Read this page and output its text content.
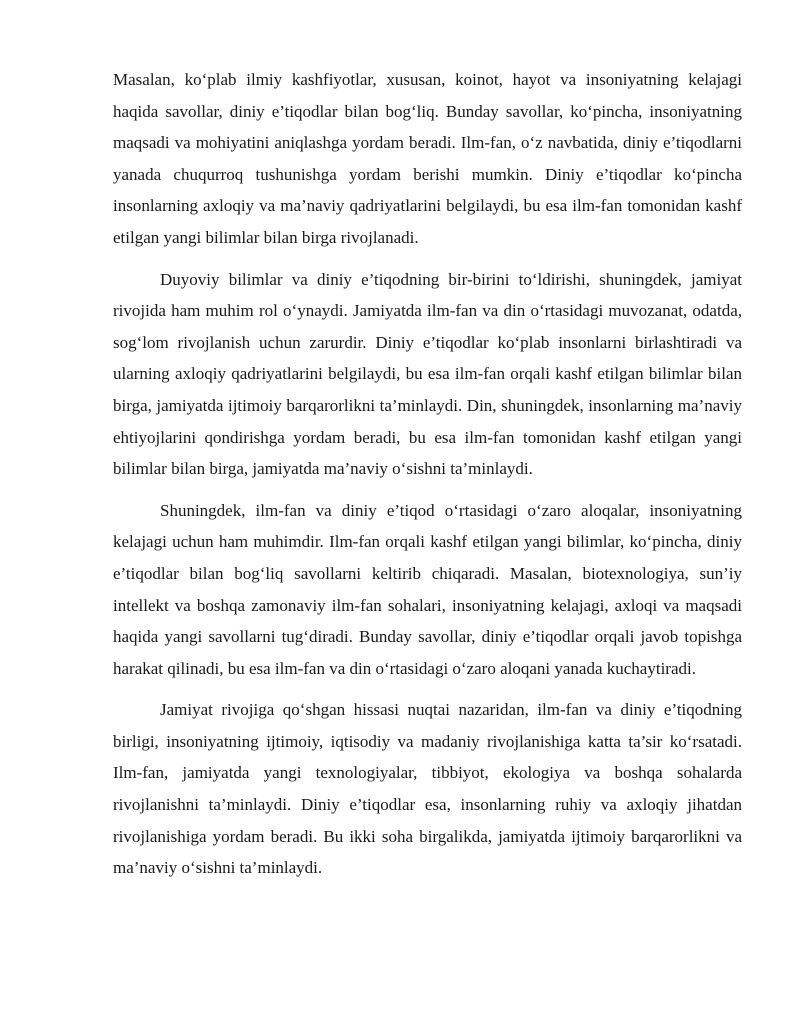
Masalan, ko‘plab ilmiy kashfiyotlar, xususan, koinot, hayot va insoniyatning kelajagi haqida savollar, diniy e’tiqodlar bilan bog‘liq. Bunday savollar, ko‘pincha, insoniyatning maqsadi va mohiyatini aniqlashga yordam beradi. Ilm-fan, o‘z navbatida, diniy e’tiqodlarni yanada chuqurroq tushunishga yordam berishi mumkin. Diniy e’tiqodlar ko‘pincha insonlarning axloqiy va ma’naviy qadriyatlarini belgilaydi, bu esa ilm-fan tomonidan kashf etilgan yangi bilimlar bilan birga rivojlanadi.

Duyoviy bilimlar va diniy e’tiqodning bir-birini to‘ldirishi, shuningdek, jamiyat rivojida ham muhim rol o‘ynaydi. Jamiyatda ilm-fan va din o‘rtasidagi muvozanat, odatda, sog‘lom rivojlanish uchun zarurdir. Diniy e’tiqodlar ko‘plab insonlarni birlashtiradi va ularning axloqiy qadriyatlarini belgilaydi, bu esa ilm-fan orqali kashf etilgan bilimlar bilan birga, jamiyatda ijtimoiy barqarorlikni ta’minlaydi. Din, shuningdek, insonlarning ma’naviy ehtiyojlarini qondirishga yordam beradi, bu esa ilm-fan tomonidan kashf etilgan yangi bilimlar bilan birga, jamiyatda ma’naviy o‘sishni ta’minlaydi.

Shuningdek, ilm-fan va diniy e’tiqod o‘rtasidagi o‘zaro aloqalar, insoniyatning kelajagi uchun ham muhimdir. Ilm-fan orqali kashf etilgan yangi bilimlar, ko‘pincha, diniy e’tiqodlar bilan bog‘liq savollarni keltirib chiqaradi. Masalan, biotexnologiya, sun’iy intellekt va boshqa zamonaviy ilm-fan sohalari, insoniyatning kelajagi, axloqi va maqsadi haqida yangi savollarni tug‘diradi. Bunday savollar, diniy e’tiqodlar orqali javob topishga harakat qilinadi, bu esa ilm-fan va din o‘rtasidagi o‘zaro aloqani yanada kuchaytiradi.

Jamiyat rivojiga qo‘shgan hissasi nuqtai nazaridan, ilm-fan va diniy e’tiqodning birligi, insoniyatning ijtimoiy, iqtisodiy va madaniy rivojlanishiga katta ta’sir ko‘rsatadi. Ilm-fan, jamiyatda yangi texnologiyalar, tibbiyot, ekologiya va boshqa sohalarda rivojlanishni ta’minlaydi. Diniy e’tiqodlar esa, insonlarning ruhiy va axloqiy jihatdan rivojlanishiga yordam beradi. Bu ikki soha birgalikda, jamiyatda ijtimoiy barqarorlikni va ma’naviy o‘sishni ta’minlaydi.
